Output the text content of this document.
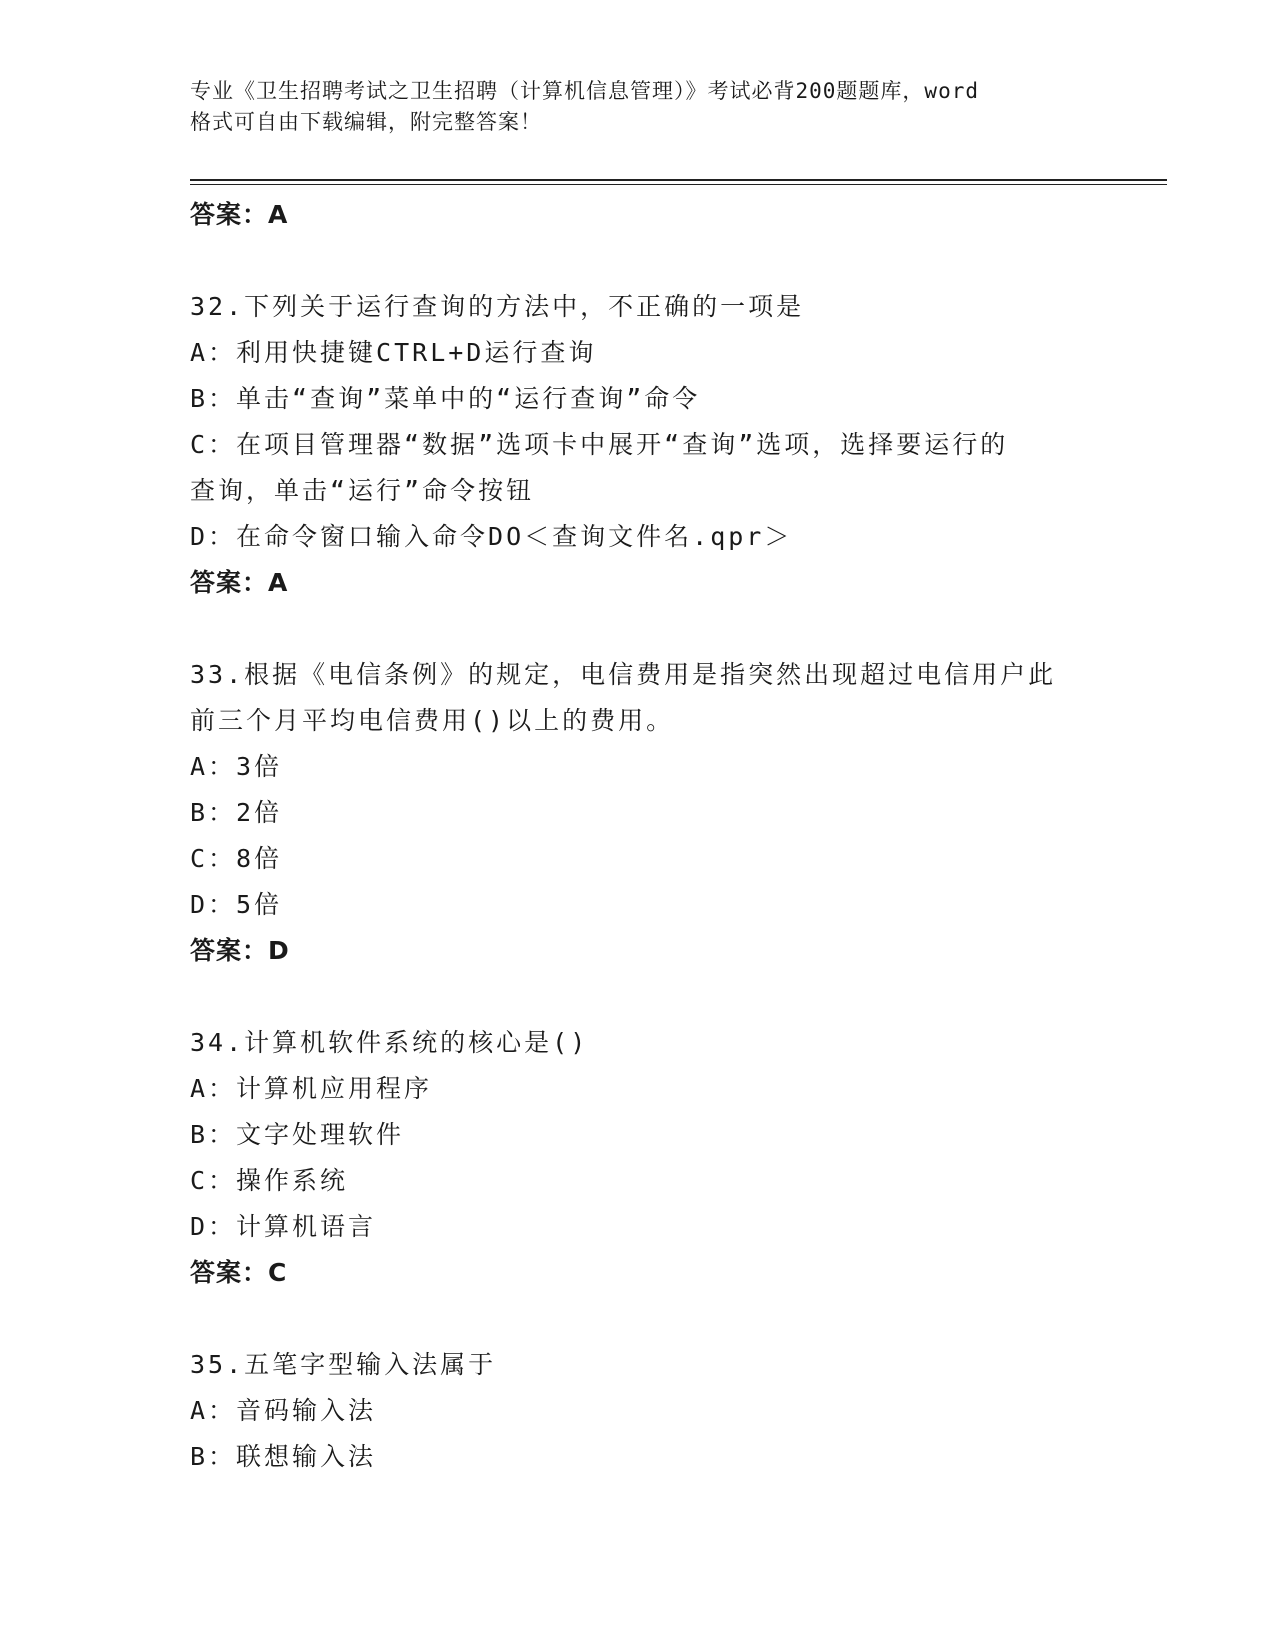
专业《卫生招聘考试之卫生招聘（计算机信息管理）》考试必背200题题库，word
格式可自由下载编辑，附完整答案！
答案：A
32.下列关于运行查询的方法中，不正确的一项是
A：利用快捷键CTRL+D运行查询
B：单击“查询”菜单中的“运行查询”命令
C：在项目管理器“数据”选项卡中展开“查询”选项，选择要运行的
查询，单击“运行”命令按钮
D：在命令窗口输入命令DO＜查询文件名.qpr＞
答案：A
33.根据《电信条例》的规定，电信费用是指突然出现超过电信用户此
前三个月平均电信费用()以上的费用。
A：3倍
B：2倍
C：8倍
D：5倍
答案：D
34.计算机软件系统的核心是()
A：计算机应用程序
B：文字处理软件
C：操作系统
D：计算机语言
答案：C
35.五笔字型输入法属于
A：音码输入法
B：联想输入法
